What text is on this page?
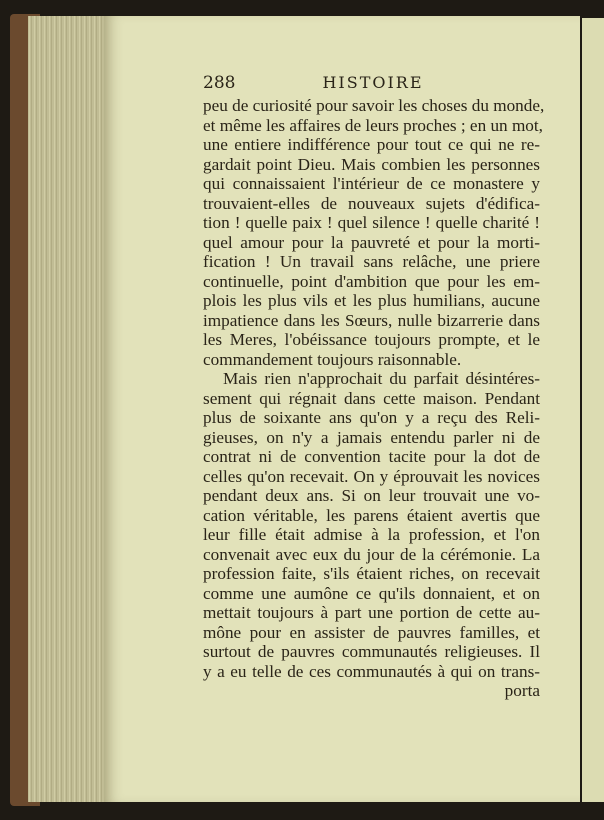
288	HISTOIRE
peu de curiosité pour savoir les choses du monde,
et même les affaires de leurs proches ; en un mot,
une entiere indifférence pour tout ce qui ne re-
gardait point Dieu. Mais combien les personnes
qui connaissaient l'intérieur de ce monastere y
trouvaient-elles de nouveaux sujets d'édifica-
tion ! quelle paix ! quel silence ! quelle charité !
quel amour pour la pauvreté et pour la morti-
fication ! Un travail sans relâche, une priere
continuelle, point d'ambition que pour les em-
plois les plus vils et les plus humilians, aucune
impatience dans les Sœurs, nulle bizarrerie dans
les Meres, l'obéissance toujours prompte, et le
commandement toujours raisonnable.
Mais rien n'approchait du parfait désintéres-
sement qui régnait dans cette maison. Pendant
plus de soixante ans qu'on y a reçu des Reli-
gieuses, on n'y a jamais entendu parler ni de
contrat ni de convention tacite pour la dot de
celles qu'on recevait. On y éprouvait les novices
pendant deux ans. Si on leur trouvait une vo-
cation véritable, les parens étaient avertis que
leur fille était admise à la profession, et l'on
convenait avec eux du jour de la cérémonie. La
profession faite, s'ils étaient riches, on recevait
comme une aumône ce qu'ils donnaient, et on
mettait toujours à part une portion de cette au-
mône pour en assister de pauvres familles, et
surtout de pauvres communautés religieuses. Il
y a eu telle de ces communautés à qui on trans-
porta
